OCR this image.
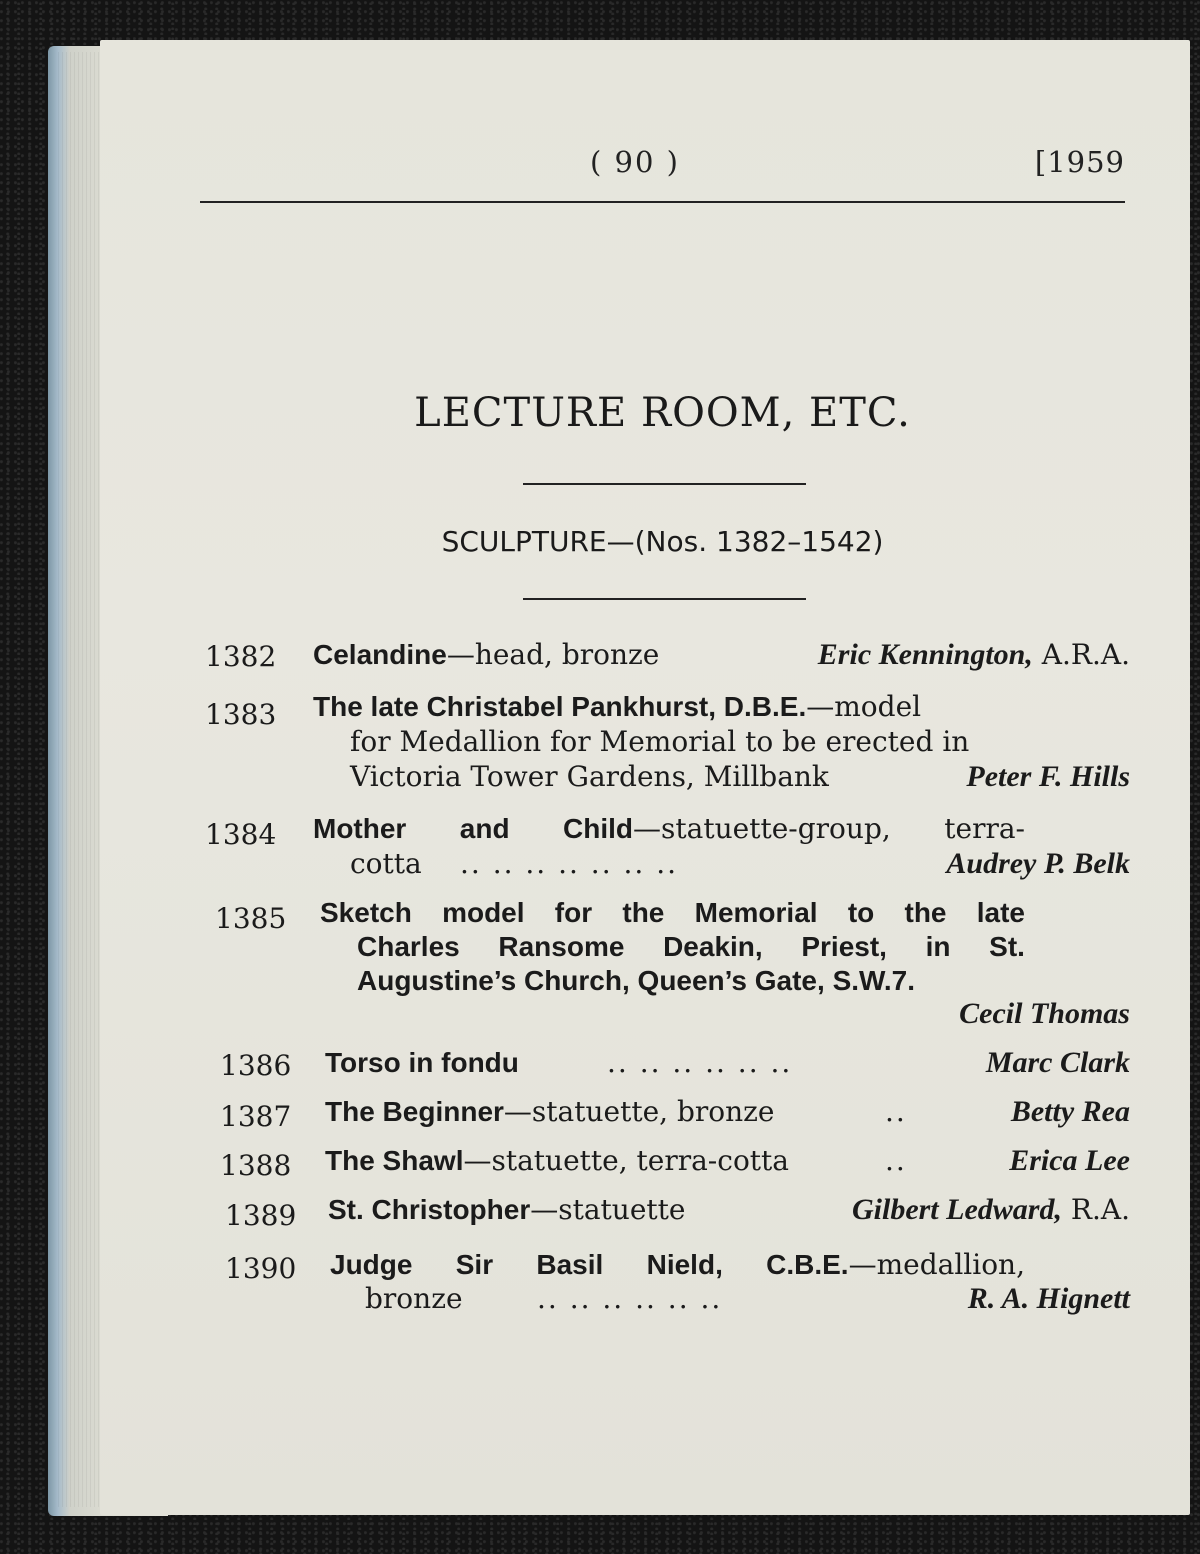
( 90 )	[1959
LECTURE ROOM, ETC.
SCULPTURE—(Nos. 1382–1542)
1382	Celandine—head, bronze	Eric Kennington, A.R.A.
1383	The late Christabel Pankhurst, D.B.E.—model
for Medallion for Memorial to be erected in
Victoria Tower Gardens, Millbank	Peter F. Hills
1384	Mother and Child—statuette-group, terra-
cotta .. .. .. .. .. .. ..	Audrey P. Belk
1385	Sketch model for the Memorial to the late
Charles Ransome Deakin, Priest, in St.
Augustine’s Church, Queen’s Gate, S.W.7.
Cecil Thomas
1386	Torso in fondu	.. .. .. .. .. ..	Marc Clark
1387	The Beginner—statuette, bronze	..	Betty Rea
1388	The Shawl—statuette, terra-cotta	..	Erica Lee
1389	St. Christopher—statuette	Gilbert Ledward, R.A.
1390	Judge Sir Basil Nield, C.B.E.—medallion,
bronze	.. .. .. .. .. ..	R. A. Hignett
